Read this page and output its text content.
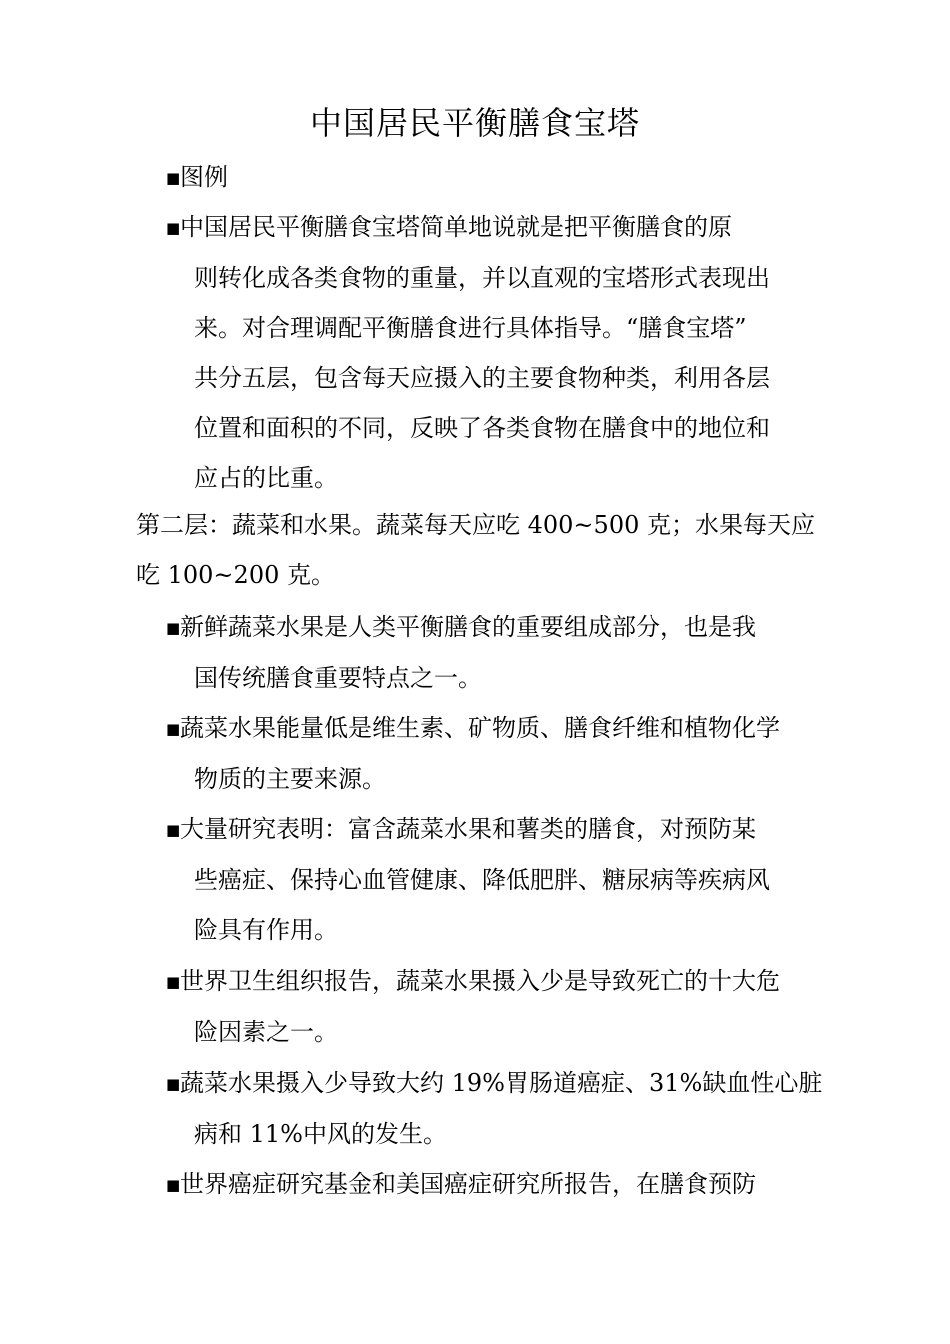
中国居民平衡膳食宝塔
■图例
■中国居民平衡膳食宝塔简单地说就是把平衡膳食的原
则转化成各类食物的重量，并以直观的宝塔形式表现出
来。对合理调配平衡膳食进行具体指导。“膳食宝塔”
共分五层，包含每天应摄入的主要食物种类，利用各层
位置和面积的不同，反映了各类食物在膳食中的地位和
应占的比重。
第二层：蔬菜和水果。蔬菜每天应吃 400~500 克；水果每天应
吃 100~200 克。
■新鲜蔬菜水果是人类平衡膳食的重要组成部分，也是我
国传统膳食重要特点之一。
■蔬菜水果能量低是维生素、矿物质、膳食纤维和植物化学
物质的主要来源。
■大量研究表明：富含蔬菜水果和薯类的膳食，对预防某
些癌症、保持心血管健康、降低肥胖、糖尿病等疾病风
险具有作用。
■世界卫生组织报告，蔬菜水果摄入少是导致死亡的十大危
险因素之一。
■蔬菜水果摄入少导致大约 19%胃肠道癌症、31%缺血性心脏
病和 11%中风的发生。
■世界癌症研究基金和美国癌症研究所报告，在膳食预防
